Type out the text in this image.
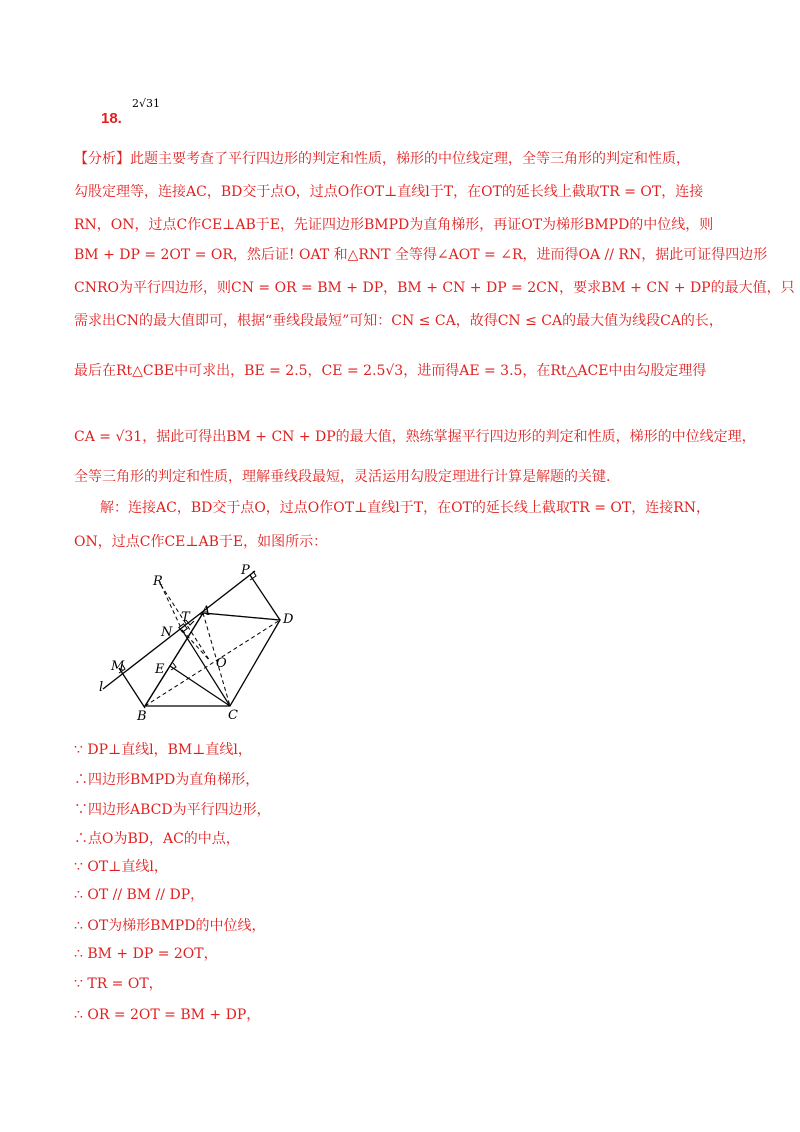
18.
2√31
【分析】此题主要考查了平行四边形的判定和性质，梯形的中位线定理，全等三角形的判定和性质，
勾股定理等，连接AC，BD交于点O，过点O作OT⊥直线l于T，在OT的延长线上截取TR = OT，连接
RN，ON，过点C作CE⊥AB于E，先证四边形BMPD为直角梯形，再证OT为梯形BMPD的中位线，则
BM + DP = 2OT = OR，然后证! OAT 和△RNT 全等得∠AOT = ∠R，进而得OA // RN，据此可证得四边形
CNRO为平行四边形，则CN = OR = BM + DP，BM + CN + DP = 2CN，要求BM + CN + DP的最大值，只
需求出CN的最大值即可，根据“垂线段最短”可知：CN ≤ CA，故得CN ≤ CA的最大值为线段CA的长，
最后在Rt△CBE中可求出，BE = 2.5，CE = 2.5√3，进而得AE = 3.5，在Rt△ACE中由勾股定理得
CA = √31，据此可得出BM + CN + DP的最大值，熟练掌握平行四边形的判定和性质，梯形的中位线定理，
全等三角形的判定和性质，理解垂线段最短，灵活运用勾股定理进行计算是解题的关键.
解：连接AC，BD交于点O，过点O作OT⊥直线l于T，在OT的延长线上截取TR = OT，连接RN，
ON，过点C作CE⊥AB于E，如图所示：
R
P
T A
D
N
E	O
M
l
B	C
∵ DP⊥直线l，BM⊥直线l，
∴四边形BMPD为直角梯形，
∵四边形ABCD为平行四边形，
∴点O为BD，AC的中点，
∵ OT⊥直线l，
∴ OT // BM // DP，
∴ OT为梯形BMPD的中位线，
∴ BM + DP = 2OT，
∵ TR = OT，
∴ OR = 2OT = BM + DP，
